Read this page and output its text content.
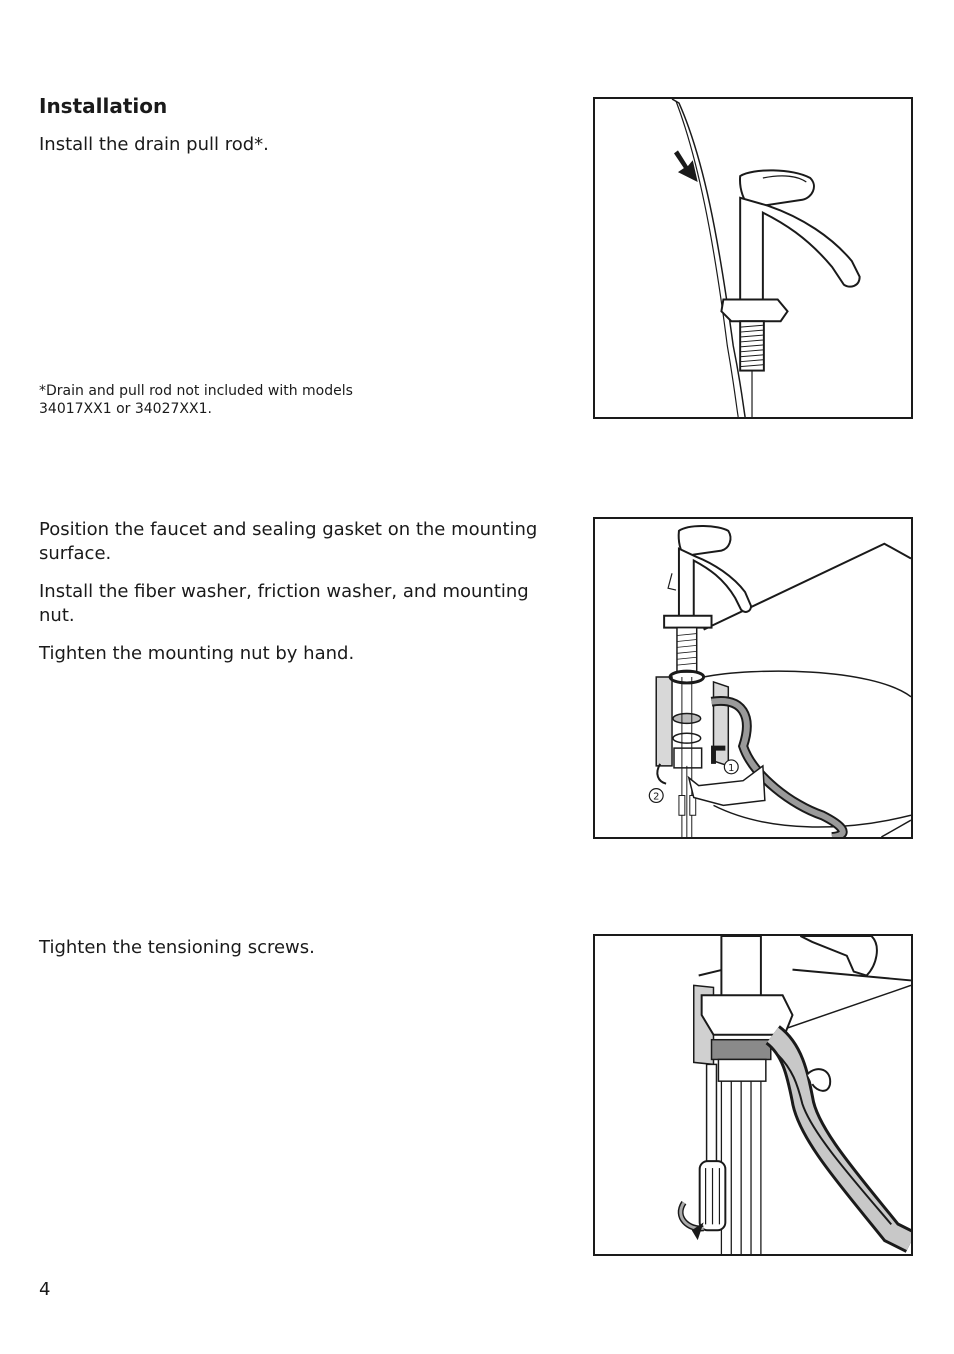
Installation

Install the drain pull rod*.

*Drain and pull rod not included with models
34017XX1 or 34027XX1.

Position the faucet and sealing gasket on the mounting surface.

Install the fiber washer, friction washer, and mounting nut.

Tighten the mounting nut by hand.

1
2

Tighten the tensioning screws.

4
